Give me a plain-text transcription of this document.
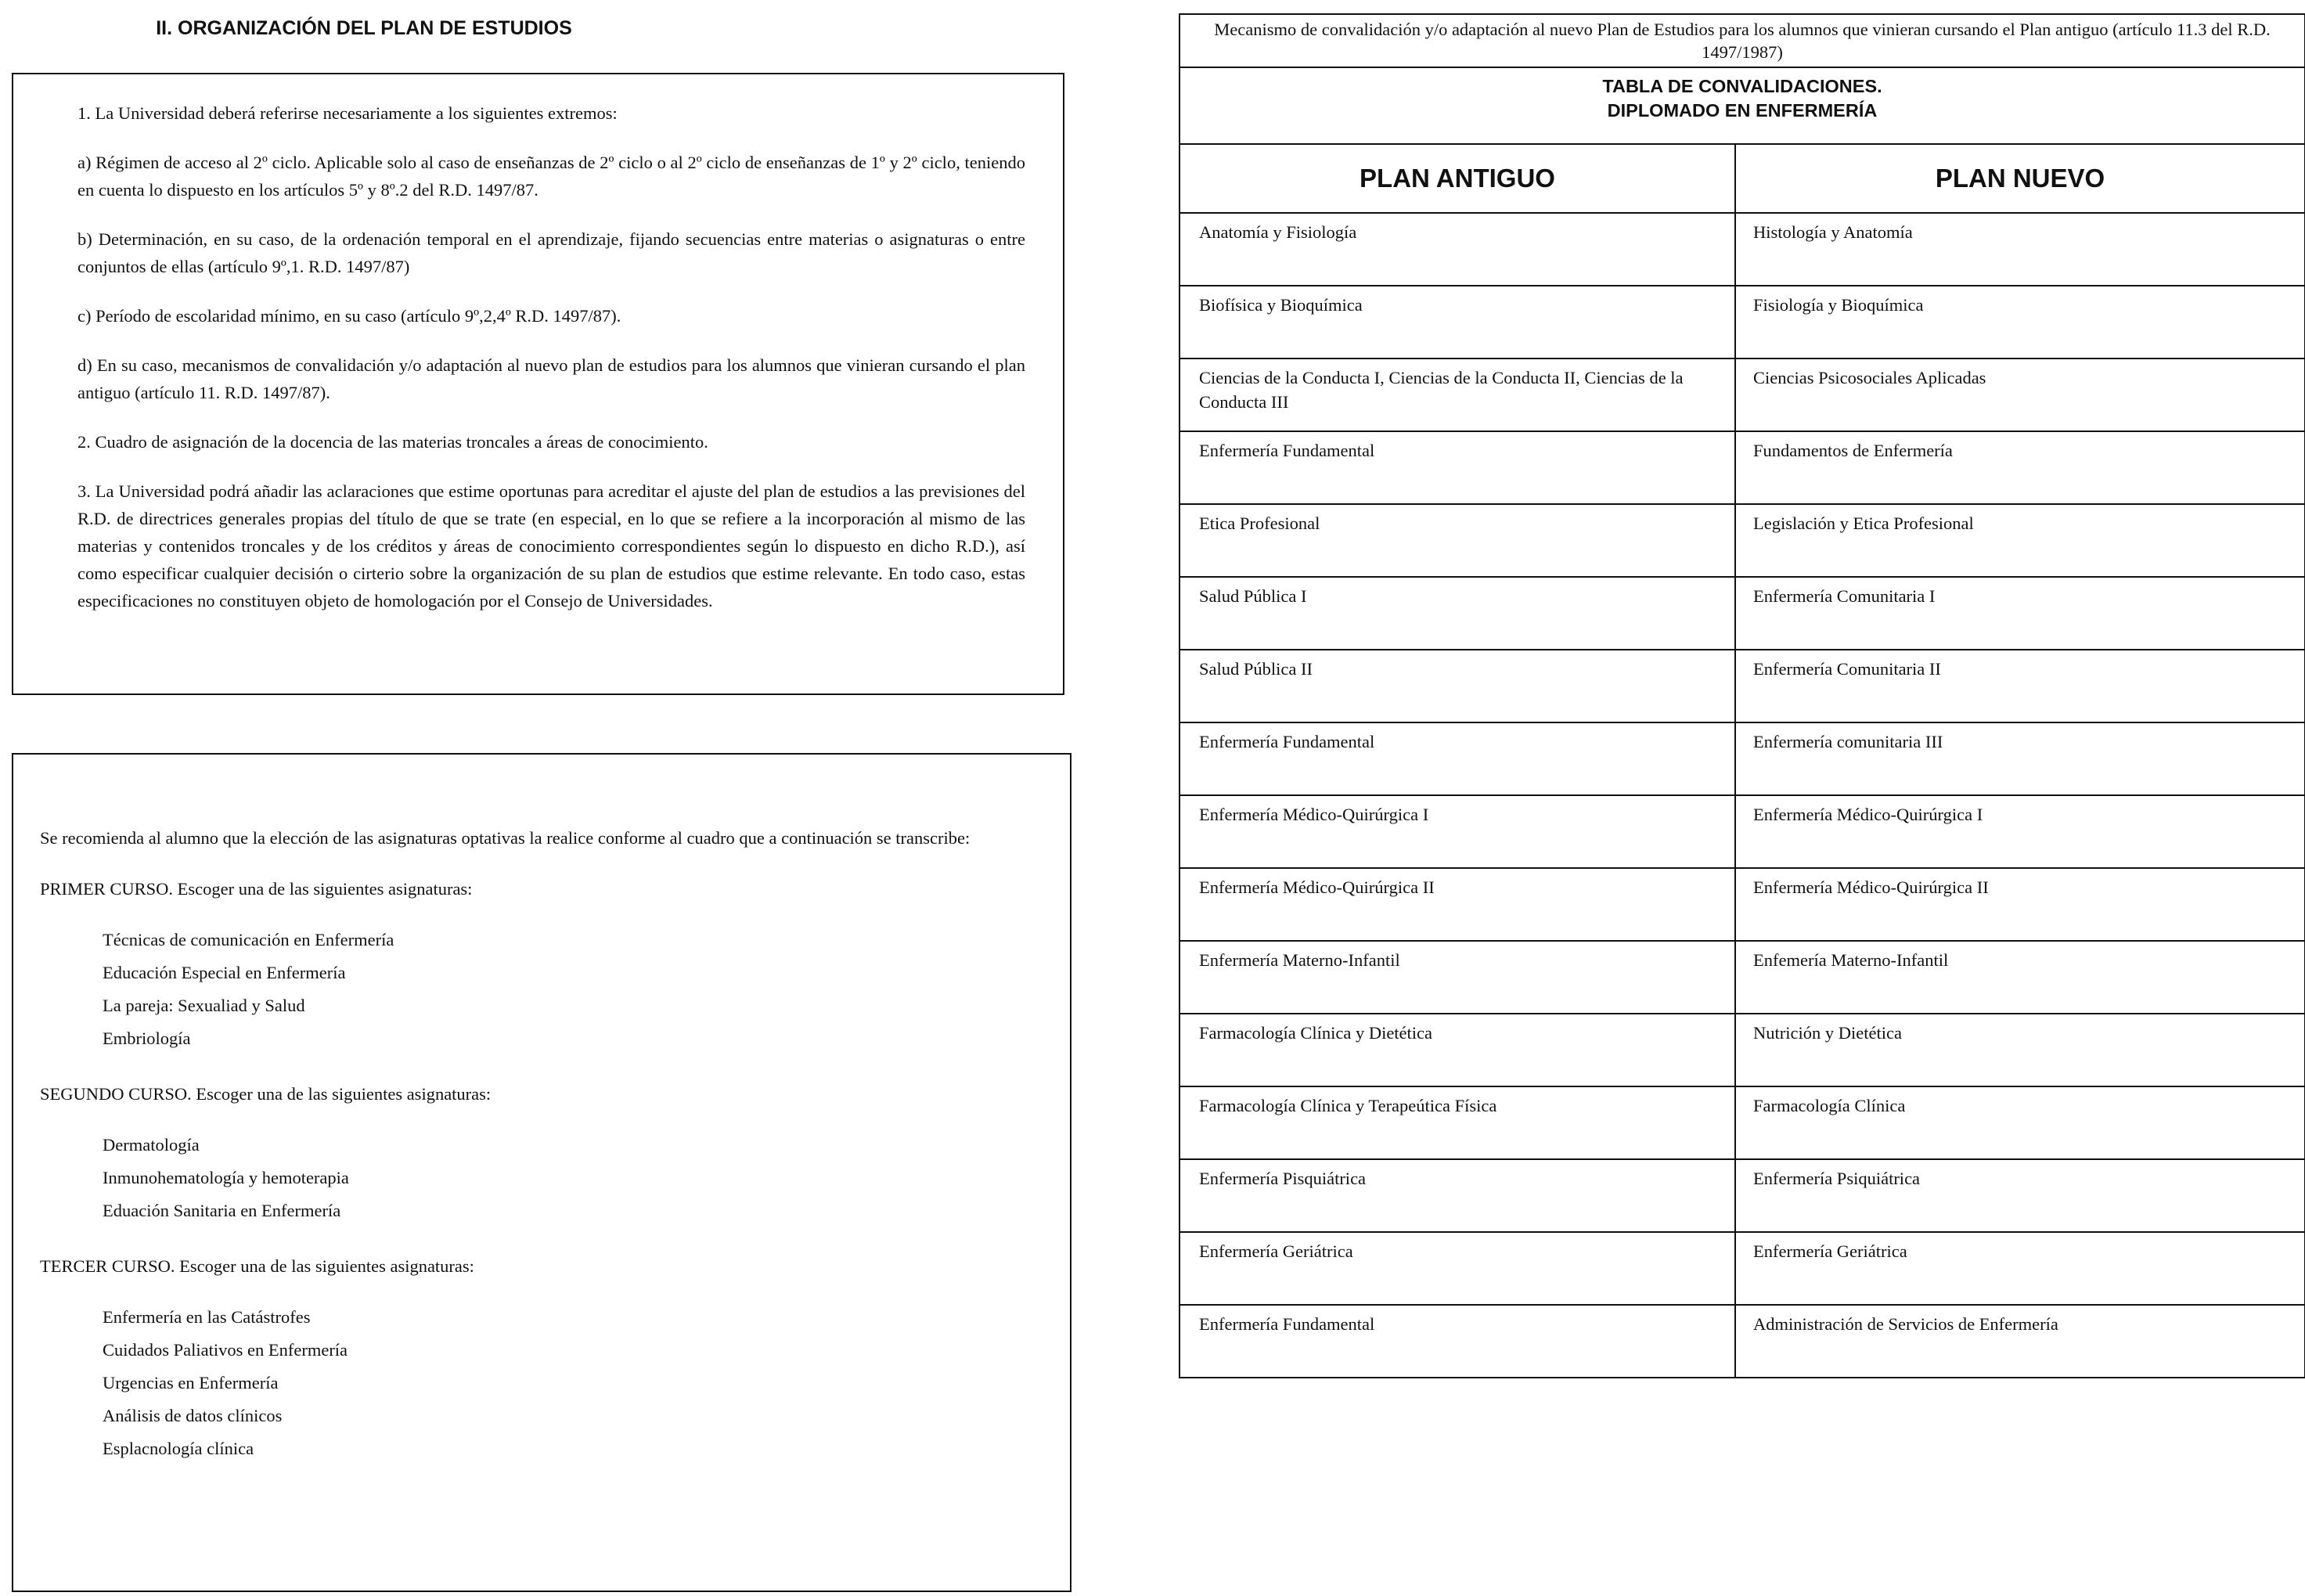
II. ORGANIZACIÓN DEL PLAN DE ESTUDIOS

1. La Universidad deberá referirse necesariamente a los siguientes extremos:

a) Régimen de acceso al 2º ciclo. Aplicable solo al caso de enseñanzas de 2º ciclo o al 2º ciclo de enseñanzas de 1º y 2º ciclo, teniendo en cuenta lo dispuesto en los artículos 5º y 8º.2 del R.D. 1497/87.

b) Determinación, en su caso, de la ordenación temporal en el aprendizaje, fijando secuencias entre materias o asignaturas o entre conjuntos de ellas (artículo 9º,1. R.D. 1497/87)

c) Período de escolaridad mínimo, en su caso (artículo 9º,2,4º R.D. 1497/87).

d) En su caso, mecanismos de convalidación y/o adaptación al nuevo plan de estudios para los alumnos que vinieran cursando el plan antiguo (artículo 11. R.D. 1497/87).

2. Cuadro de asignación de la docencia de las materias troncales a áreas de conocimiento.

3. La Universidad podrá añadir las aclaraciones que estime oportunas para acreditar el ajuste del plan de estudios a las previsiones del R.D. de directrices generales propias del título de que se trate (en especial, en lo que se refiere a la incorporación al mismo de las materias y contenidos troncales y de los créditos y áreas de conocimiento correspondientes según lo dispuesto en dicho R.D.), así como especificar cualquier decisión o cirterio sobre la organización de su plan de estudios que estime relevante. En todo caso, estas especificaciones no constituyen objeto de homologación por el Consejo de Universidades.

Se recomienda al alumno que la elección de las asignaturas optativas la realice conforme al cuadro que a continuación se transcribe:

PRIMER CURSO. Escoger una de las siguientes asignaturas:

Técnicas de comunicación en Enfermería
Educación Especial en Enfermería
La pareja: Sexualiad y Salud
Embriología

SEGUNDO CURSO. Escoger una de las siguientes asignaturas:

Dermatología
Inmunohematología y hemoterapia
Eduación Sanitaria en Enfermería

TERCER CURSO. Escoger una de las siguientes asignaturas:

Enfermería en las Catástrofes
Cuidados Paliativos en Enfermería
Urgencias en Enfermería
Análisis de datos clínicos
Esplacnología clínica
Mecanismo de convalidación y/o adaptación al nuevo Plan de Estudios para los alumnos que vinieran cursando el Plan antiguo (artículo 11.3 del R.D. 1497/1987)	

TABLA DE CONVALIDACIONES.
DIPLOMADO EN ENFERMERÍA	

PLAN ANTIGUO	PLAN NUEVO
Anatomía y Fisiología	Histología y Anatomía
Biofísica y Bioquímica	Fisiología y Bioquímica
Ciencias de la Conducta I, Ciencias de la Conducta II, Ciencias de la Conducta III	Ciencias Psicosociales Aplicadas
Enfermería Fundamental	Fundamentos de Enfermería
Etica Profesional	Legislación y Etica Profesional
Salud Pública I	Enfermería Comunitaria I
Salud Pública II	Enfermería Comunitaria II
Enfermería Fundamental	Enfermería comunitaria III
Enfermería Médico-Quirúrgica I	Enfermería Médico-Quirúrgica I
Enfermería Médico-Quirúrgica II	Enfermería Médico-Quirúrgica II
Enfermería Materno-Infantil	Enfemería Materno-Infantil
Farmacología Clínica y Dietética	Nutrición y Dietética
Farmacología Clínica y Terapeútica Física	Farmacología Clínica
Enfermería Pisquiátrica	Enfermería Psiquiátrica
Enfermería Geriátrica	Enfermería Geriátrica
Enfermería Fundamental	Administración de Servicios de Enfermería
